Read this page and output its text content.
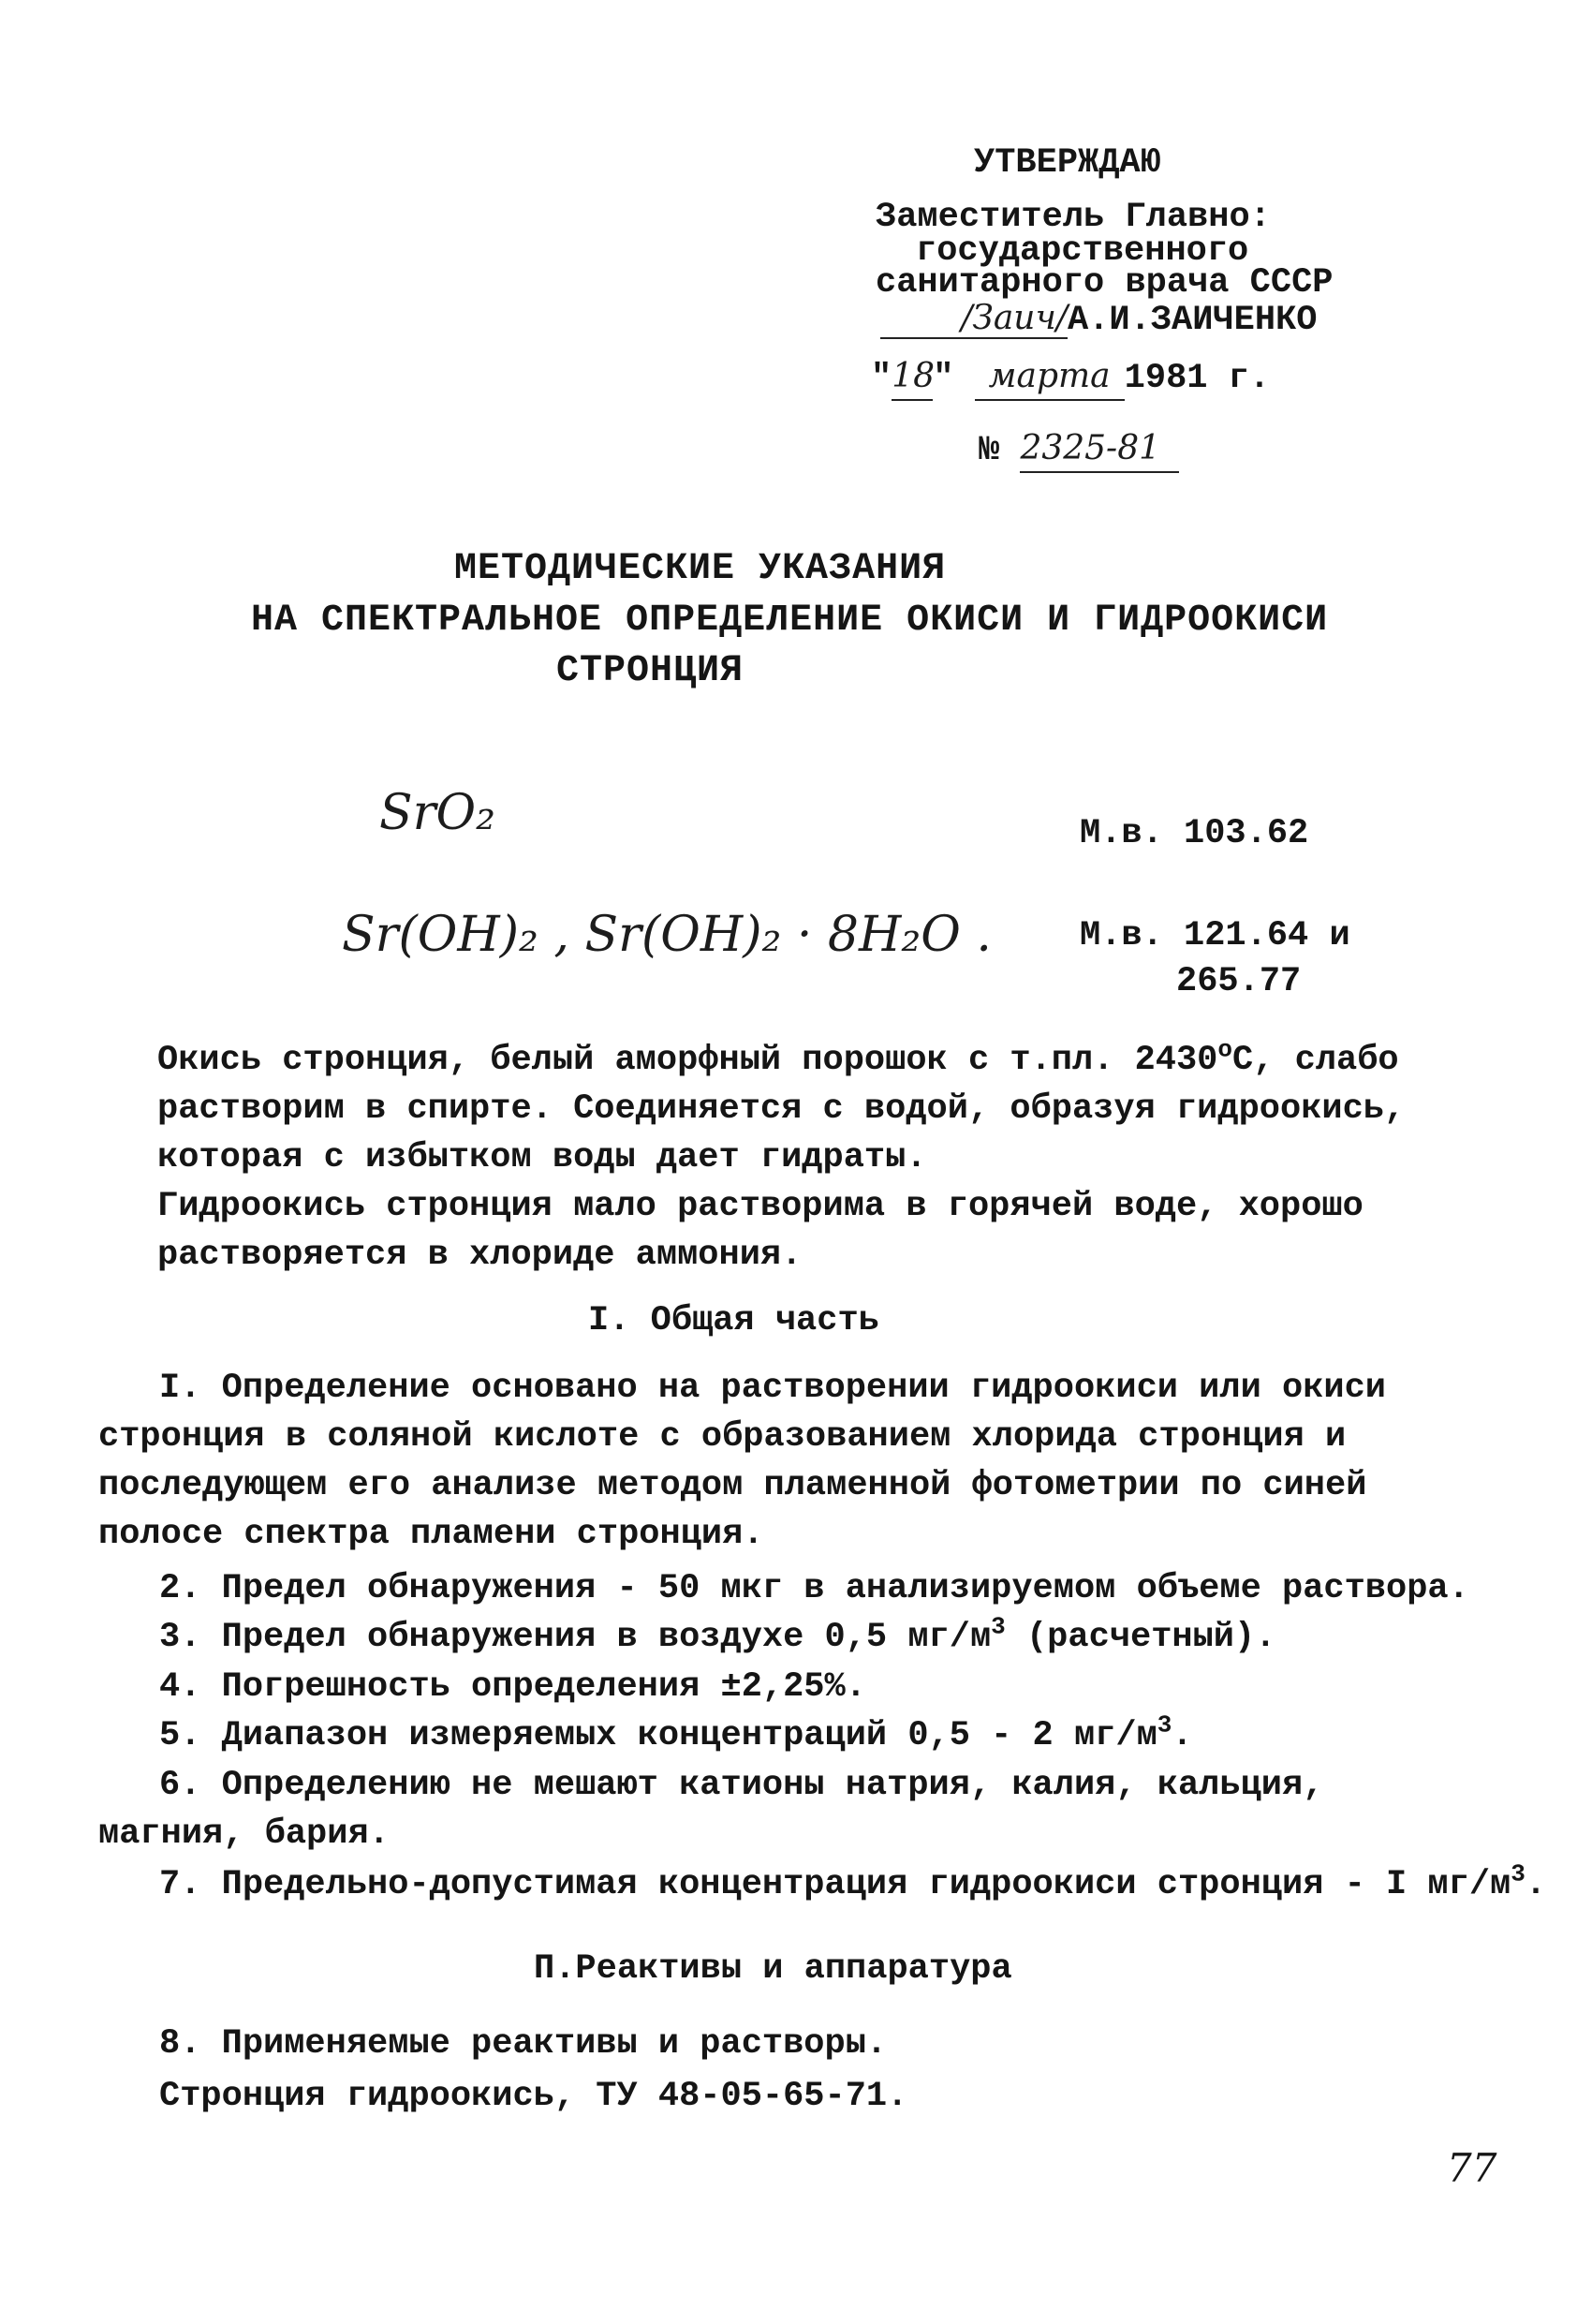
УТВЕРЖДАЮ
Заместитель Главно:
государственного
санитарного врача СССР
/Заич/А.И.ЗАИЧЕНКО
"18" марта 1981 г.
№ 2325-81
МЕТОДИЧЕСКИЕ УКАЗАНИЯ
НА СПЕКТРАЛЬНОЕ ОПРЕДЕЛЕНИЕ ОКИСИ И ГИДРООКИСИ
СТРОНЦИЯ
SrO₂	М.в. 103.62
Sr(OH)₂ , Sr(OH)₂ · 8H₂O .	М.в. 121.64 и
265.77
Окись стронция, белый аморфный порошок с т.пл. $2430^оС$, слабо растворим в спирте. Соединяется с водой, образуя гидроокись, которая с избытком воды дает гидраты.
Гидроокись стронция мало растворима в горячей воде, хорошо растворяется в хлориде аммония.
I. Общая часть
I. Определение основано на растворении гидроокиси или окиси стронция в соляной кислоте с образованием хлорида стронция и последующем его анализе методом пламенной фотометрии по синей полосе спектра пламени стронция.
2. Предел обнаружения - 50 мкг в анализируемом объеме раствора.
3. Предел обнаружения в воздухе 0,5 $мг/м^3$ (расчетный).
4. Погрешность определения ±2,25%.
5. Диапазон измеряемых концентраций 0,5 - 2 $мг/м^3$.
6. Определению не мешают катионы натрия, калия, кальция, магния, бария.
7. Предельно-допустимая концентрация гидроокиси стронция - I $мг/м^3$.
П.Реактивы и аппаратура
8. Применяемые реактивы и растворы.
Стронция гидроокись, ТУ 48-05-65-71.
77
